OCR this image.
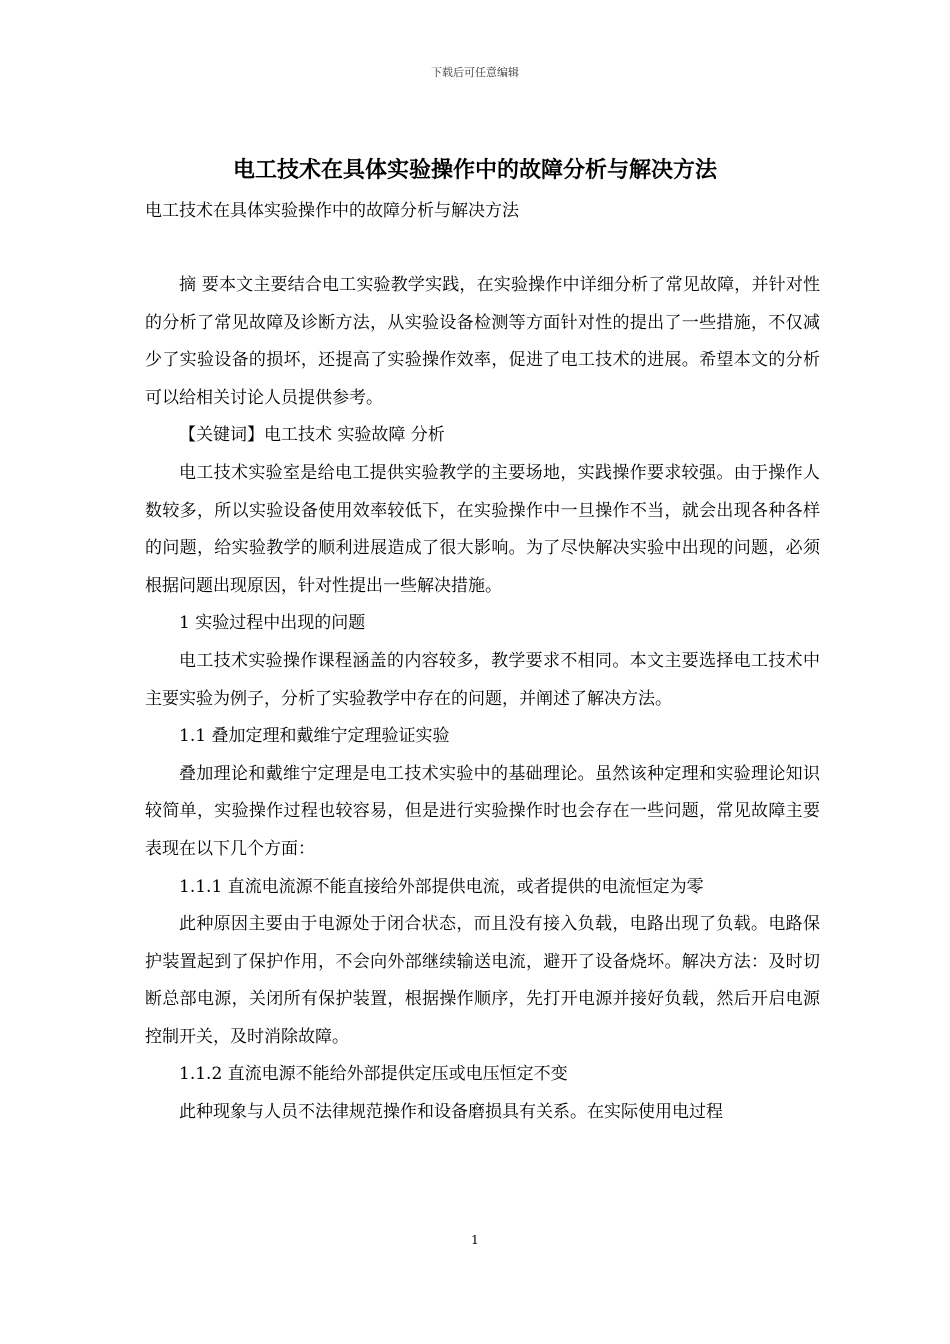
下载后可任意编辑
电工技术在具体实验操作中的故障分析与解决方法

电工技术在具体实验操作中的故障分析与解决方法

摘 要本文主要结合电工实验教学实践，在实验操作中详细分析了常见故障，并针对性的分析了常见故障及诊断方法，从实验设备检测等方面针对性的提出了一些措施，不仅减少了实验设备的损坏，还提高了实验操作效率，促进了电工技术的进展。希望本文的分析可以给相关讨论人员提供参考。

【关键词】电工技术 实验故障 分析

电工技术实验室是给电工提供实验教学的主要场地，实践操作要求较强。由于操作人数较多，所以实验设备使用效率较低下，在实验操作中一旦操作不当，就会出现各种各样的问题，给实验教学的顺利进展造成了很大影响。为了尽快解决实验中出现的问题，必须根据问题出现原因，针对性提出一些解决措施。

1 实验过程中出现的问题

电工技术实验操作课程涵盖的内容较多，教学要求不相同。本文主要选择电工技术中主要实验为例子，分析了实验教学中存在的问题，并阐述了解决方法。

1.1 叠加定理和戴维宁定理验证实验

叠加理论和戴维宁定理是电工技术实验中的基础理论。虽然该种定理和实验理论知识较简单，实验操作过程也较容易，但是进行实验操作时也会存在一些问题，常见故障主要表现在以下几个方面：

1.1.1 直流电流源不能直接给外部提供电流，或者提供的电流恒定为零

此种原因主要由于电源处于闭合状态，而且没有接入负载，电路出现了负载。电路保护装置起到了保护作用，不会向外部继续输送电流，避开了设备烧坏。解决方法：及时切断总部电源，关闭所有保护装置，根据操作顺序，先打开电源并接好负载，然后开启电源控制开关，及时消除故障。

1.1.2 直流电源不能给外部提供定压或电压恒定不变

此种现象与人员不法律规范操作和设备磨损具有关系。在实际使用电过程

1
